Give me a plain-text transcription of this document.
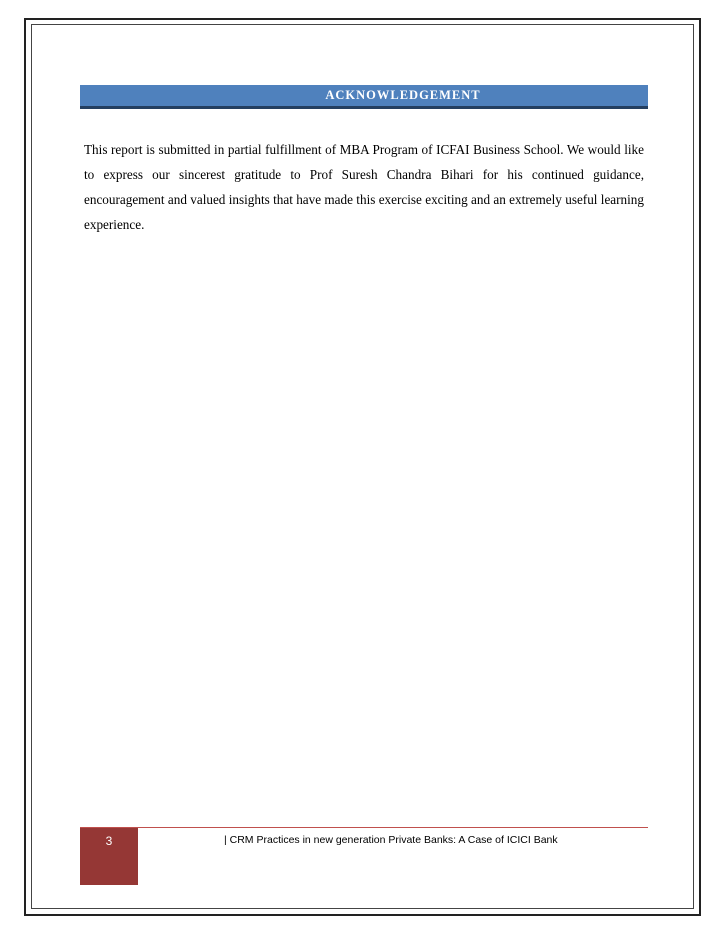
ACKNOWLEDGEMENT

This report is submitted in partial fulfillment of MBA Program of ICFAI Business School. We would like to express our sincerest gratitude to Prof Suresh Chandra Bihari for his continued guidance, encouragement and valued insights that have made this exercise exciting and an extremely useful learning experience.

3	| CRM Practices in new generation Private Banks: A Case of ICICI Bank
